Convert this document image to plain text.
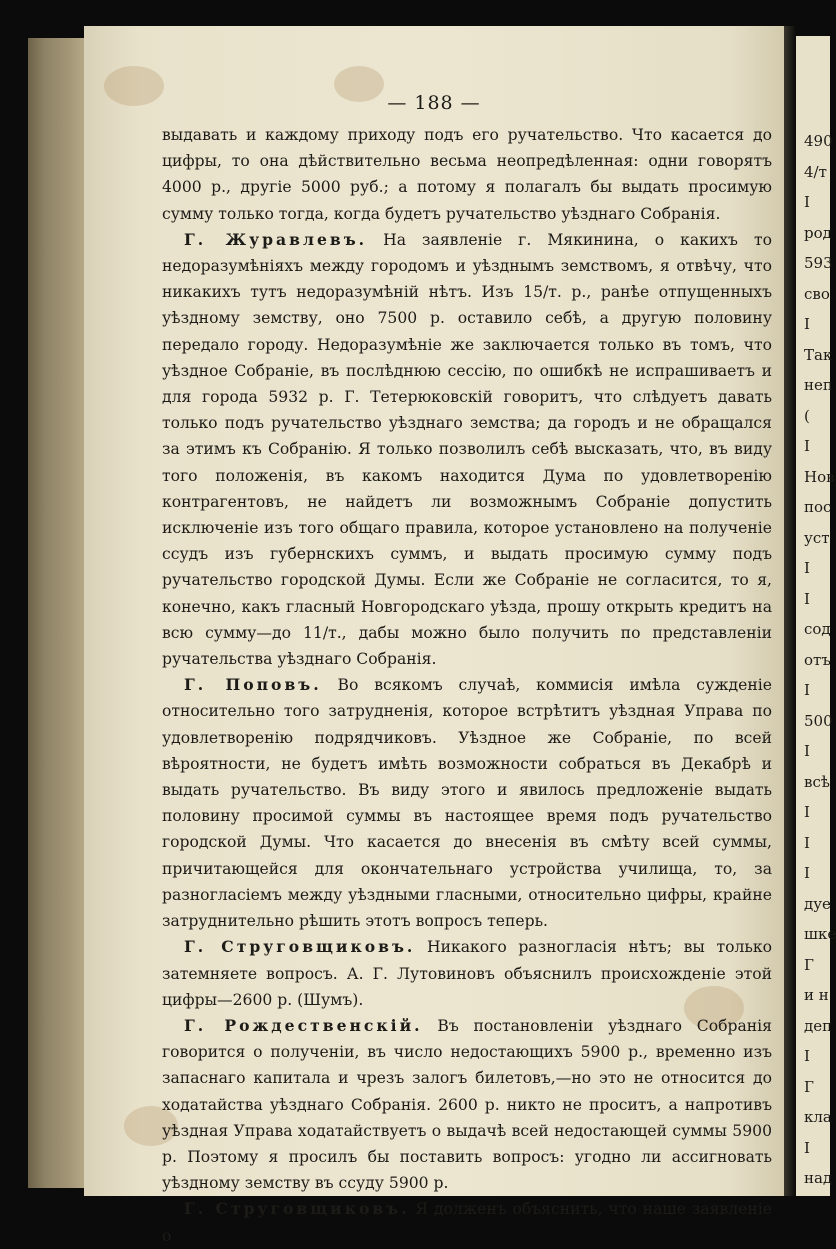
— 188 —

выдавать и каждому приходу подъ его ручательство. Что касается до цифры, то она дѣйствительно весьма неопредѣленная: одни говорятъ 4000 р., другіе 5000 руб.; а потому я полагалъ бы выдать просимую сумму только тогда, когда будетъ ручательство уѣзднаго Собранія.

Г. Журавлевъ. На заявленіе г. Мякинина, о какихъ то недоразумѣніяхъ между городомъ и уѣзднымъ земствомъ, я отвѣчу, что никакихъ тутъ недоразумѣній нѣтъ. Изъ 15/т. р., ранѣе отпущенныхъ уѣздному земству, оно 7500 р. оставило себѣ, а другую половину передало городу. Недоразумѣніе же заключается только въ томъ, что уѣздное Собраніе, въ послѣднюю сессію, по ошибкѣ не испрашиваетъ и для города 5932 р. Г. Тетерюковскій говоритъ, что слѣдуетъ давать только подъ ручательство уѣзднаго земства; да городъ и не обращался за этимъ къ Собранію. Я только позволилъ себѣ высказать, что, въ виду того положенія, въ какомъ находится Дума по удовлетворенію контрагентовъ, не найдетъ ли возможнымъ Собраніе допустить исключеніе изъ того общаго правила, которое установлено на полученіе ссудъ изъ губернскихъ суммъ, и выдать просимую сумму подъ ручательство городской Думы. Если же Собраніе не согласится, то я, конечно, какъ гласный Новгородскаго уѣзда, прошу открыть кредитъ на всю сумму—до 11/т., дабы можно было получить по представленіи ручательства уѣзднаго Собранія.

Г. Поповъ. Во всякомъ случаѣ, коммисія имѣла сужденіе относительно того затрудненія, которое встрѣтитъ уѣздная Управа по удовлетворенію подрядчиковъ. Уѣздное же Собраніе, по всей вѣроятности, не будетъ имѣть возможности собраться въ Декабрѣ и выдать ручательство. Въ виду этого и явилось предложеніе выдать половину просимой суммы въ настоящее время подъ ручательство городской Думы. Что касается до внесенія въ смѣту всей суммы, причитающейся для окончательнаго устройства училища, то, за разногласіемъ между уѣздными гласными, относительно цифры, крайне затруднительно рѣшить этотъ вопросъ теперь.

Г. Струговщиковъ. Никакого разногласія нѣтъ; вы только затемняете вопросъ. А. Г. Лутовиновъ объяснилъ происхожденіе этой цифры—2600 р. (Шумъ).

Г. Рождественскій. Въ постановленіи уѣзднаго Собранія говорится о полученіи, въ число недостающихъ 5900 р., временно изъ запаснаго капитала и чрезъ залогъ билетовъ,—но это не относится до ходатайства уѣзднаго Собранія. 2600 р. никто не проситъ, а напротивъ уѣздная Управа ходатайствуетъ о выдачѣ всей недостающей суммы 5900 р. Поэтому я просилъ бы поставить вопросъ: угодно ли ассигновать уѣздному земству въ ссуду 5900 р.

Г. Струговщиковъ. Я долженъ объяснить, что наше заявленіе о

490
4/т
I
род
593
сво
I
Так
неп
(
I
Нов
пос
уст
I
I
сод
отъ
I
500
I
всѣ
I
I
I
дуе
шке
Г
и н
деп
I
Г
кла
I
над
